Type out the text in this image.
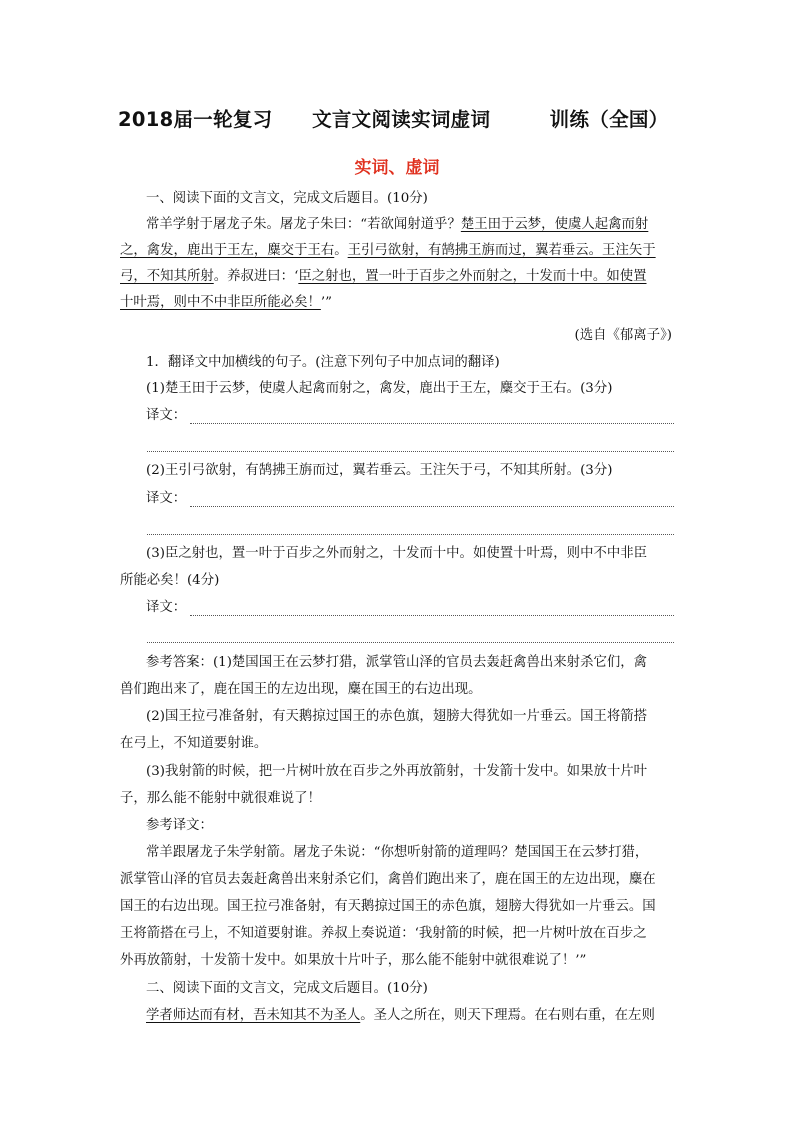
2018届一轮复习　　文言文阅读实词虚词　　　训练（全国）
实词、虚词
一、阅读下面的文言文，完成文后题目。(10分)
常羊学射于屠龙子朱。屠龙子朱曰：“若欲闻射道乎？楚王田于云梦，使虞人起禽而射
之，禽发，鹿出于王左，麋交于王右。王引弓欲射，有鹄拂王旃而过，翼若垂云。王注矢于
弓，不知其所射。养叔进曰：‘臣之射也，置一叶于百步之外而射之，十发而十中。如使置
十叶焉，则中不中非臣所能必矣！’”
(选自《郁离子》)
1．翻译文中加横线的句子。(注意下列句子中加点词的翻译)
(1)楚王田于云梦，使虞人起禽而射之，禽发，鹿出于王左，麋交于王右。(3分)
译文：
(2)王引弓欲射，有鹄拂王旃而过，翼若垂云。王注矢于弓，不知其所射。(3分)
译文：
(3)臣之射也，置一叶于百步之外而射之，十发而十中。如使置十叶焉，则中不中非臣
所能必矣！(4分)
译文：
参考答案：(1)楚国国王在云梦打猎，派掌管山泽的官员去轰赶禽兽出来射杀它们，禽
兽们跑出来了，鹿在国王的左边出现，麋在国王的右边出现。
(2)国王拉弓准备射，有天鹅掠过国王的赤色旗，翅膀大得犹如一片垂云。国王将箭搭
在弓上，不知道要射谁。
(3)我射箭的时候，把一片树叶放在百步之外再放箭射，十发箭十发中。如果放十片叶
子，那么能不能射中就很难说了！
参考译文：
常羊跟屠龙子朱学射箭。屠龙子朱说：“你想听射箭的道理吗？楚国国王在云梦打猎，
派掌管山泽的官员去轰赶禽兽出来射杀它们，禽兽们跑出来了，鹿在国王的左边出现，麋在
国王的右边出现。国王拉弓准备射，有天鹅掠过国王的赤色旗，翅膀大得犹如一片垂云。国
王将箭搭在弓上，不知道要射谁。养叔上奏说道：‘我射箭的时候，把一片树叶放在百步之
外再放箭射，十发箭十发中。如果放十片叶子，那么能不能射中就很难说了！’”
二、阅读下面的文言文，完成文后题目。(10分)
学者师达而有材，吾未知其不为圣人。圣人之所在，则天下理焉。在右则右重，在左则
